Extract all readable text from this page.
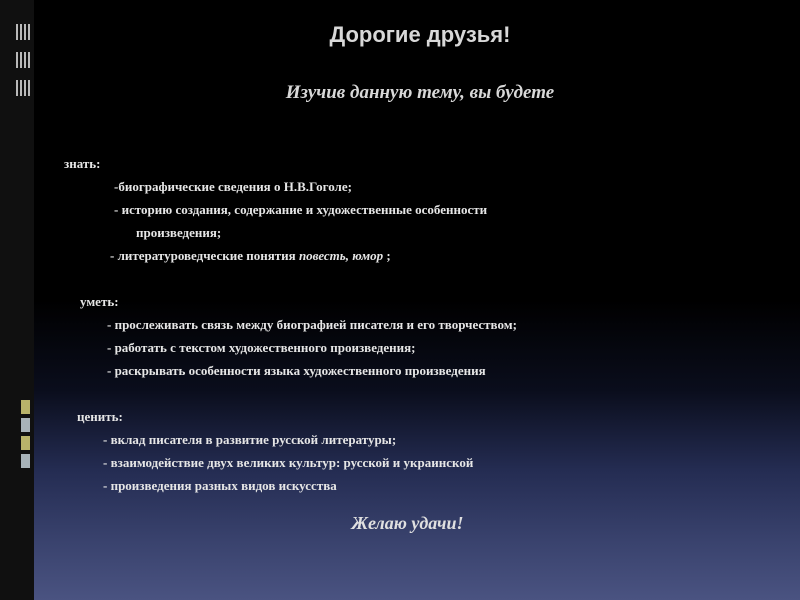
Дорогие друзья!
Изучив данную тему, вы будете
знать:
-биографические сведения о Н.В.Гоголе;
- историю создания, содержание и художественные особенности
произведения;
- литературоведческие понятия повесть, юмор ;
уметь:
- прослеживать связь между биографией писателя и его творчеством;
- работать с текстом художественного произведения;
- раскрывать особенности языка художественного произведения
ценить:
- вклад писателя в развитие русской литературы;
- взаимодействие двух великих культур: русской и украинской
- произведения разных видов искусства
Желаю удачи!
